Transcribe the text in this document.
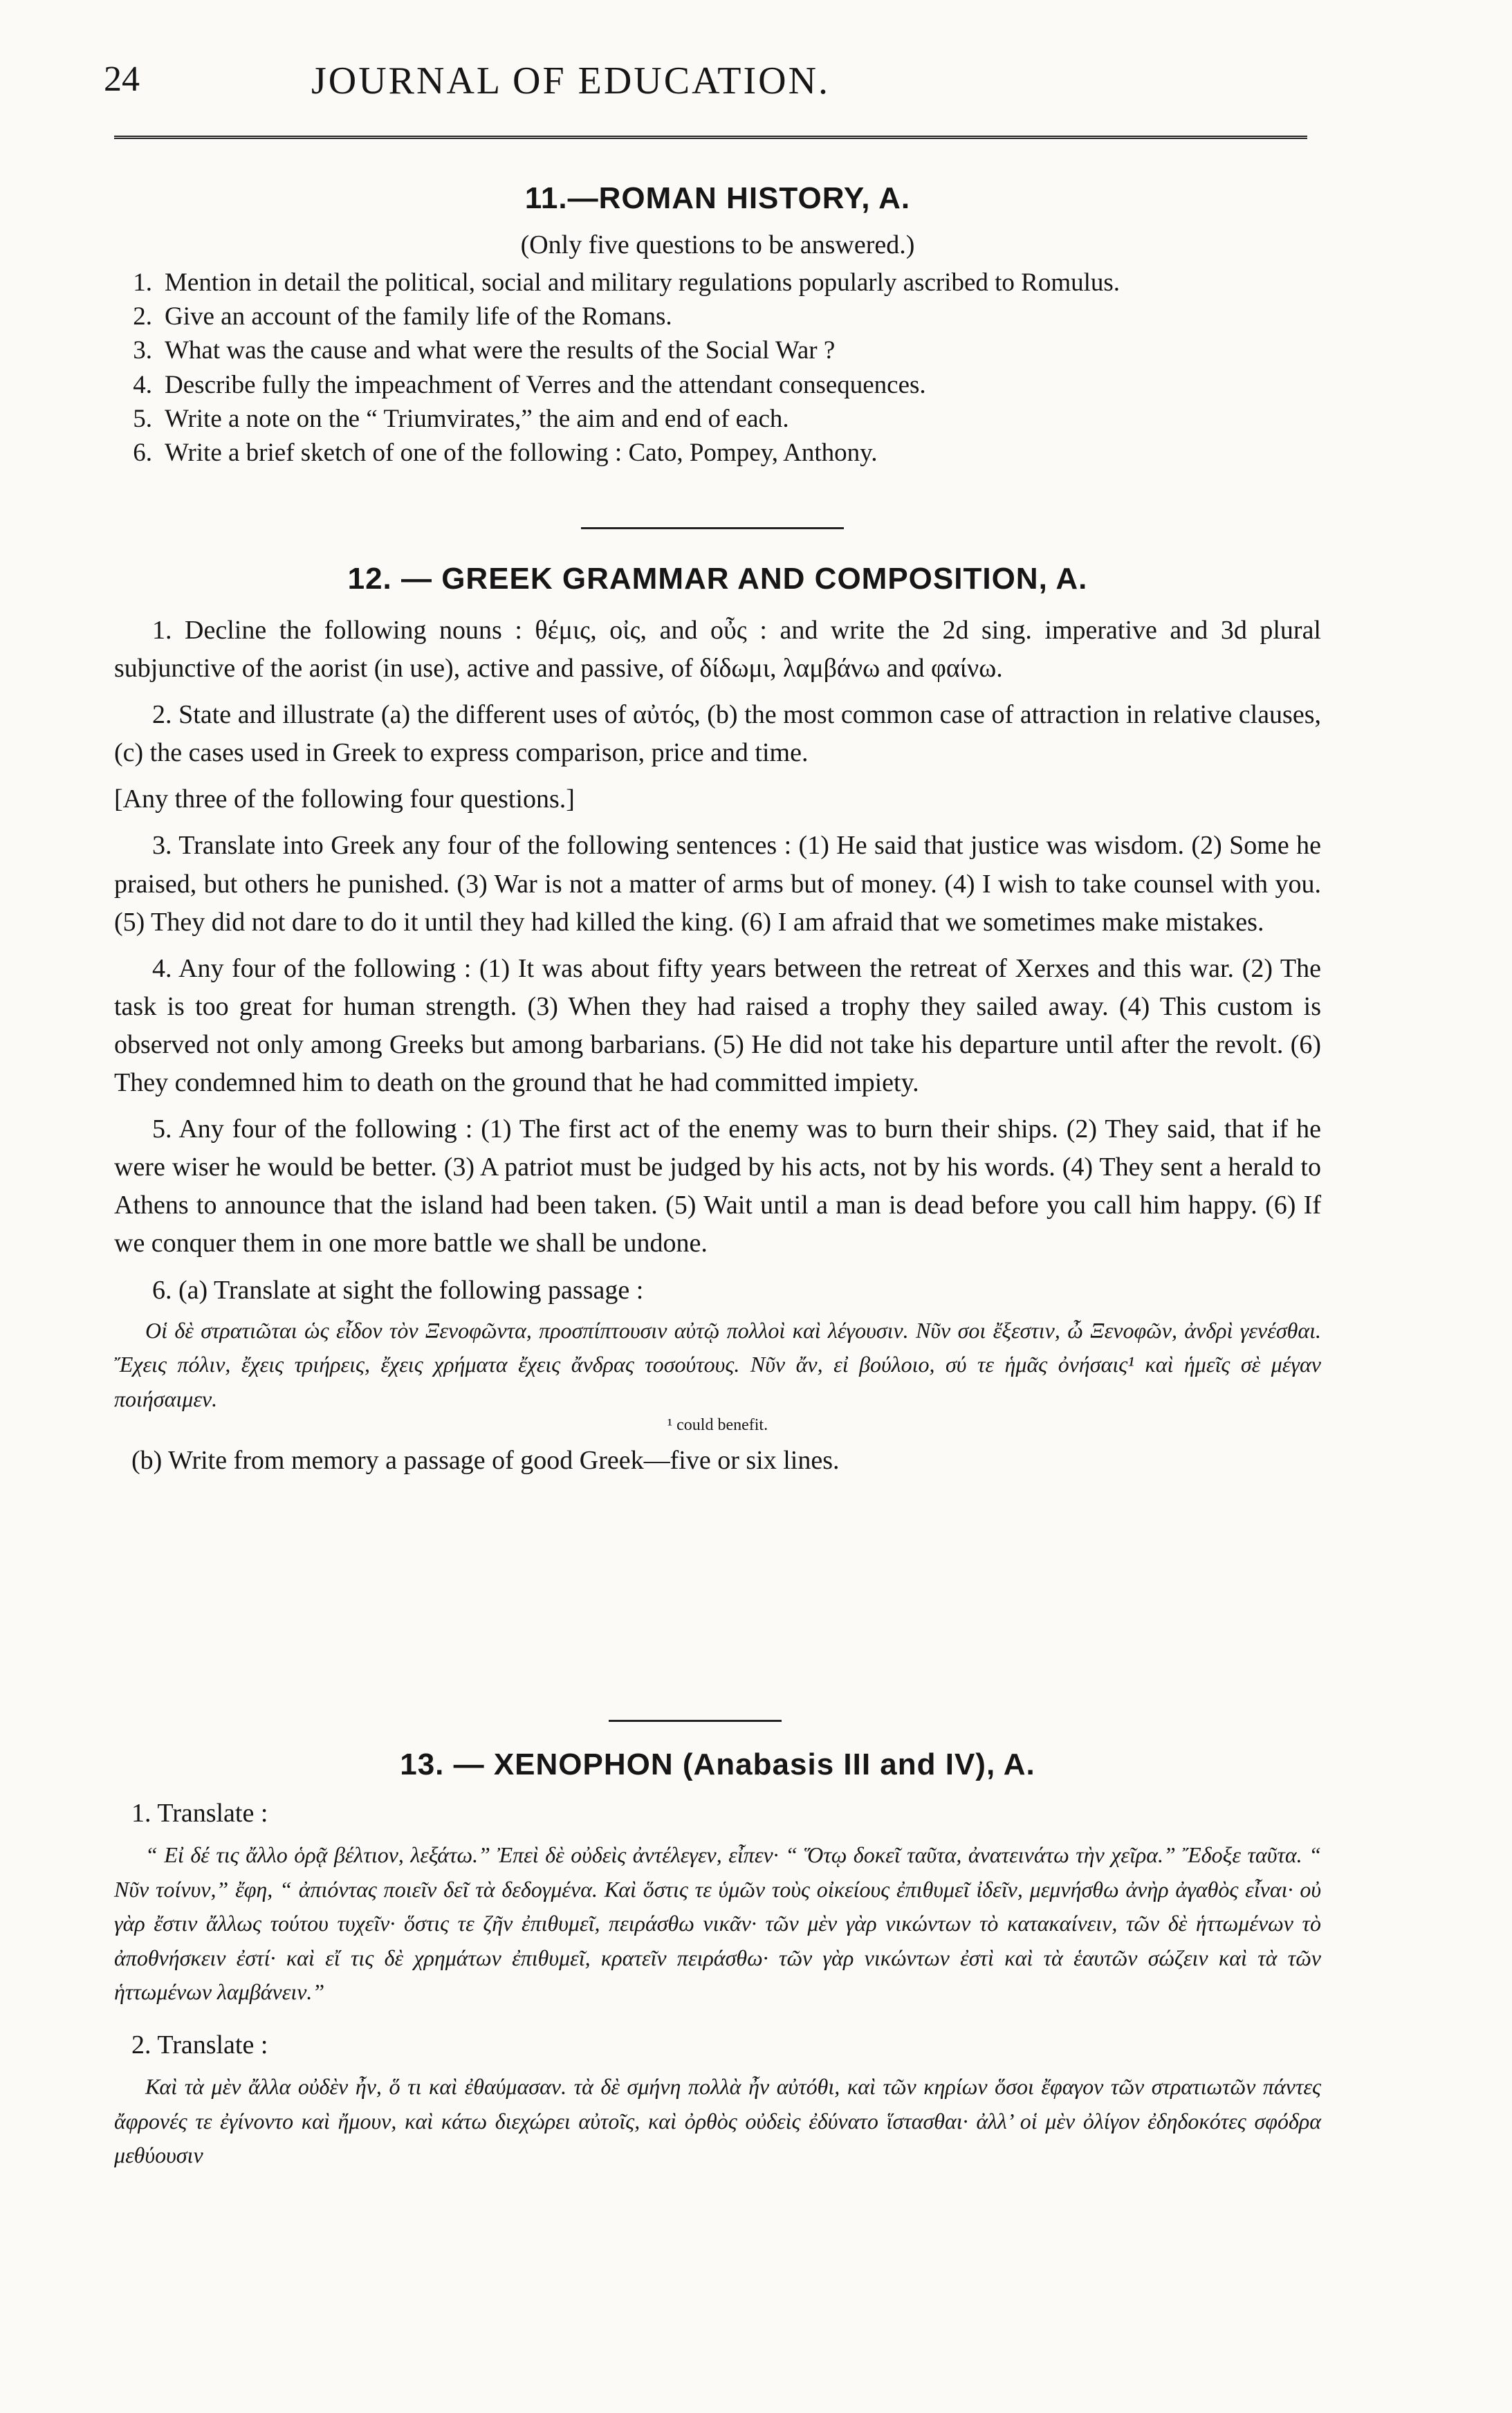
24	JOURNAL OF EDUCATION.
11.—ROMAN HISTORY, A.
(Only five questions to be answered.)

1. Mention in detail the political, social and military regulations popularly ascribed to Romulus.

2. Give an account of the family life of the Romans.

3. What was the cause and what were the results of the Social War ?

4. Describe fully the impeachment of Verres and the attendant consequences.

5. Write a note on the “ Triumvirates,” the aim and end of each.

6. Write a brief sketch of one of the following : Cato, Pompey, Anthony.

12. — GREEK GRAMMAR AND COMPOSITION, A.

1. Decline the following nouns : θέμις, οἰς, and οὖς : and write the 2d sing. imperative and 3d plural subjunctive of the aorist (in use), active and passive, of δίδωμι, λαμβάνω and φαίνω.

2. State and illustrate (a) the different uses of αὐτός, (b) the most common case of attraction in relative clauses, (c) the cases used in Greek to express comparison, price and time.

[Any three of the following four questions.]

3. Translate into Greek any four of the following sentences : (1) He said that justice was wisdom. (2) Some he praised, but others he punished. (3) War is not a matter of arms but of money. (4) I wish to take counsel with you. (5) They did not dare to do it until they had killed the king. (6) I am afraid that we sometimes make mistakes.

4. Any four of the following : (1) It was about fifty years between the retreat of Xerxes and this war. (2) The task is too great for human strength. (3) When they had raised a trophy they sailed away. (4) This custom is observed not only among Greeks but among barbarians. (5) He did not take his departure until after the revolt. (6) They condemned him to death on the ground that he had committed impiety.

5. Any four of the following : (1) The first act of the enemy was to burn their ships. (2) They said, that if he were wiser he would be better. (3) A patriot must be judged by his acts, not by his words. (4) They sent a herald to Athens to announce that the island had been taken. (5) Wait until a man is dead before you call him happy. (6) If we conquer them in one more battle we shall be undone.

6. (a) Translate at sight the following passage :

Οἱ δὲ στρατιῶται ὡς εἶδον τὸν Ξενοφῶντα, προσπίπτουσιν αὐτῷ πολλοὶ καὶ λέγουσιν. Νῦν σοι ἔξεστιν, ὦ Ξενοφῶν, ἀνδρὶ γενέσθαι. Ἔχεις πόλιν, ἔχεις τριήρεις, ἔχεις χρήματα ἔχεις ἄνδρας τοσούτους. Νῦν ἄν, εἰ βούλοιο, σύ τε ἡμᾶς ὀνήσαις¹ καὶ ἡμεῖς σὲ μέγαν ποιήσαιμεν.

¹ could benefit.

(b) Write from memory a passage of good Greek—five or six lines.

13. — XENOPHON (Anabasis III and IV), A.

1. Translate :

“ Εἰ δέ τις ἄλλο ὁρᾷ βέλτιον, λεξάτω.” Ἐπεὶ δὲ οὐδεὶς ἀντέλεγεν, εἶπεν· “ Ὅτῳ δοκεῖ ταῦτα, ἀνατεινάτω τὴν χεῖρα.” Ἔδοξε ταῦτα. “ Νῦν τοίνυν,” ἔφη, “ ἀπιόντας ποιεῖν δεῖ τὰ δεδογμένα. Καὶ ὅστις τε ὑμῶν τοὺς οἰκείους ἐπιθυμεῖ ἰδεῖν, μεμνήσθω ἀνὴρ ἀγαθὸς εἶναι· οὐ γὰρ ἔστιν ἄλλως τούτου τυχεῖν· ὅστις τε ζῆν ἐπιθυμεῖ, πειράσθω νικᾶν· τῶν μὲν γὰρ νικώντων τὸ κατακαίνειν, τῶν δὲ ἡττωμένων τὸ ἀποθνήσκειν ἐστί· καὶ εἴ τις δὲ χρημάτων ἐπιθυμεῖ, κρατεῖν πειράσθω· τῶν γὰρ νικώντων ἐστὶ καὶ τὰ ἑαυτῶν σώζειν καὶ τὰ τῶν ἡττωμένων λαμβάνειν.”

2. Translate :

Καὶ τὰ μὲν ἄλλα οὐδὲν ἦν, ὅ τι καὶ ἐθαύμασαν. τὰ δὲ σμήνη πολλὰ ἦν αὐτόθι, καὶ τῶν κηρίων ὅσοι ἔφαγον τῶν στρατιωτῶν πάντες ἄφρονές τε ἐγίνοντο καὶ ἤμουν, καὶ κάτω διεχώρει αὐτοῖς, καὶ ὀρθὸς οὐδεὶς ἐδύνατο ἵστασθαι· ἀλλ’ οἱ μὲν ὀλίγον ἐδηδοκότες σφόδρα μεθύουσιν
